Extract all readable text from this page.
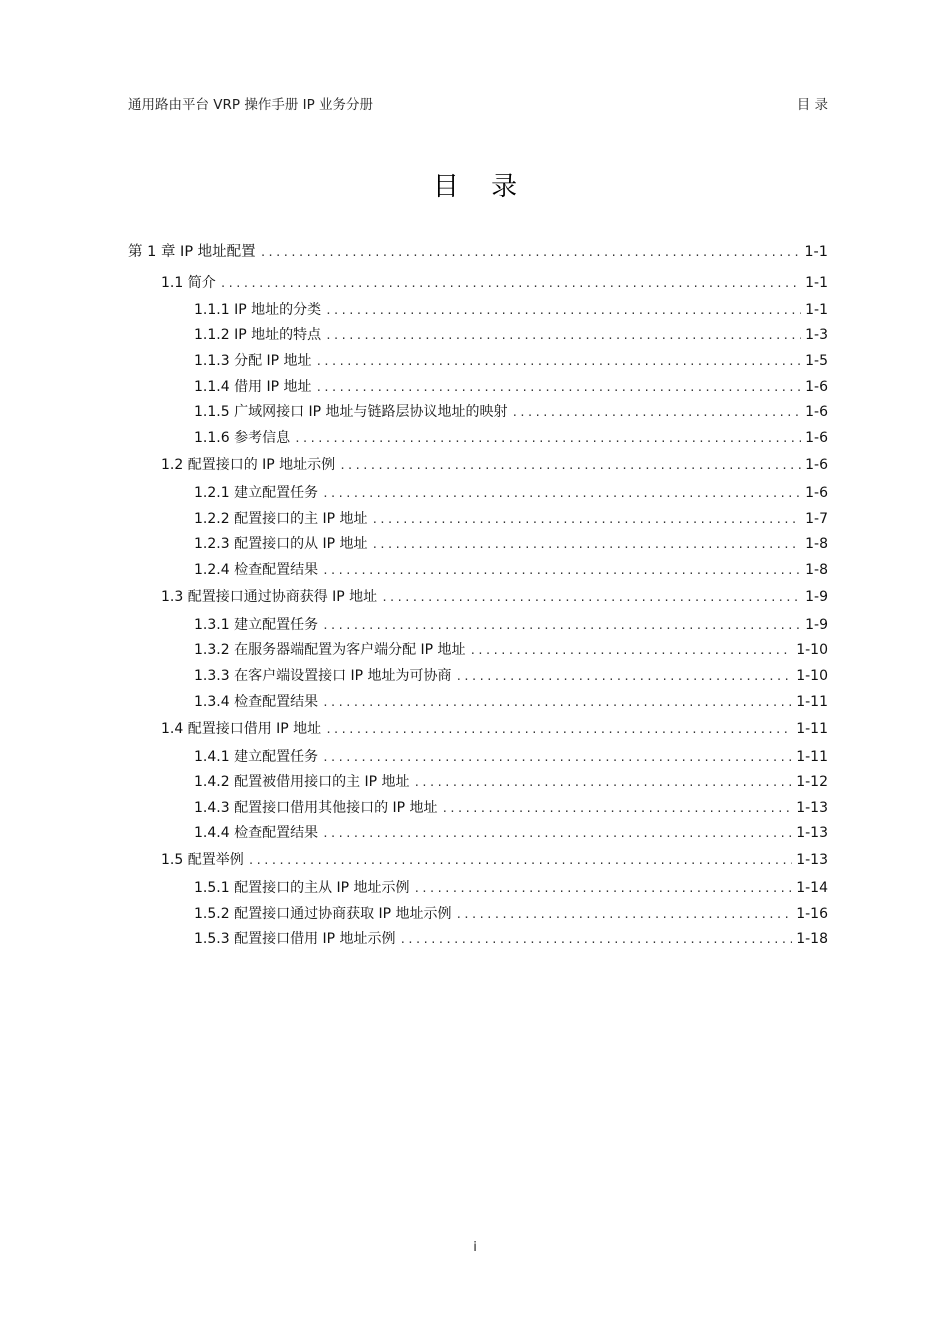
通用路由平台 VRP 操作手册 IP 业务分册	目 录
目 录
第 1 章 IP 地址配置 .....	1-1
1.1 简介 .....	1-1
1.1.1 IP 地址的分类 .....	1-1
1.1.2 IP 地址的特点 .....	1-3
1.1.3 分配 IP 地址 .....	1-5
1.1.4 借用 IP 地址 .....	1-6
1.1.5 广域网接口 IP 地址与链路层协议地址的映射 .....	1-6
1.1.6 参考信息 .....	1-6
1.2 配置接口的 IP 地址示例 .....	1-6
1.2.1 建立配置任务 .....	1-6
1.2.2 配置接口的主 IP 地址 .....	1-7
1.2.3 配置接口的从 IP 地址 .....	1-8
1.2.4 检查配置结果 .....	1-8
1.3 配置接口通过协商获得 IP 地址 .....	1-9
1.3.1 建立配置任务 .....	1-9
1.3.2 在服务器端配置为客户端分配 IP 地址 .....	1-10
1.3.3 在客户端设置接口 IP 地址为可协商 .....	1-10
1.3.4 检查配置结果 .....	1-11
1.4 配置接口借用 IP 地址 .....	1-11
1.4.1 建立配置任务 .....	1-11
1.4.2 配置被借用接口的主 IP 地址 .....	1-12
1.4.3 配置接口借用其他接口的 IP 地址 .....	1-13
1.4.4 检查配置结果 .....	1-13
1.5 配置举例 .....	1-13
1.5.1 配置接口的主从 IP 地址示例 .....	1-14
1.5.2 配置接口通过协商获取 IP 地址示例 .....	1-16
1.5.3 配置接口借用 IP 地址示例 .....	1-18
i
